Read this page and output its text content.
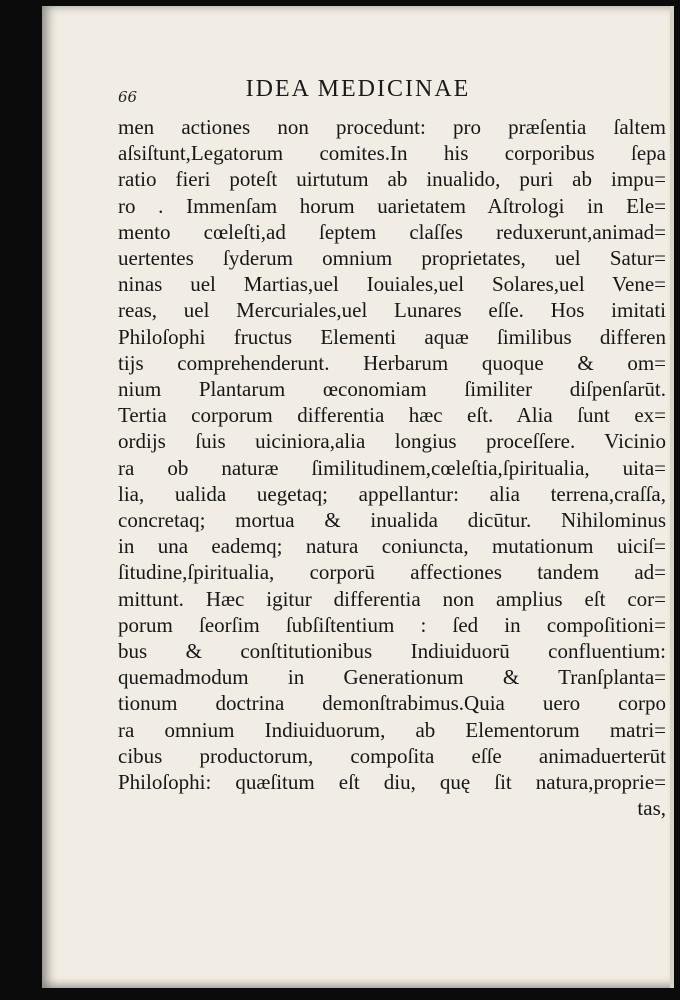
66	IDEA MEDICINAE
men actiones non procedunt: pro præſentia ſaltem
aſsiſtunt,Legatorum comites.In his corporibus ſepa
ratio fieri poteſt uirtutum ab inualido, puri ab impu=
ro . Immenſam horum uarietatem Aſtrologi in Ele=
mento cœleſti,ad ſeptem claſſes reduxerunt,animad=
uertentes ſyderum omnium proprietates, uel Satur=
ninas uel Martias,uel Iouiales,uel Solares,uel Vene=
reas, uel Mercuriales,uel Lunares eſſe. Hos imitati
Philoſophi fructus Elementi aquæ ſimilibus differen
tijs comprehenderunt. Herbarum quoque & om=
nium Plantarum œconomiam ſimiliter diſpenſarūt.
Tertia corporum differentia hæc eſt. Alia ſunt ex=
ordijs ſuis uiciniora,alia longius proceſſere. Vicinio
ra ob naturæ ſimilitudinem,cœleſtia,ſpiritualia, uita=
lia, ualida uegetaq; appellantur: alia terrena,craſſa,
concretaq; mortua & inualida dicūtur. Nihilominus
in una eademq; natura coniuncta, mutationum uiciſ=
ſitudine,ſpiritualia, corporū affectiones tandem ad=
mittunt. Hæc igitur differentia non amplius eſt cor=
porum ſeorſim ſubſiſtentium : ſed in compoſitioni=
bus & conſtitutionibus Indiuiduorū confluentium:
quemadmodum in Generationum & Tranſplanta=
tionum doctrina demonſtrabimus.Quia uero corpo
ra omnium Indiuiduorum, ab Elementorum matri=
cibus productorum, compoſita eſſe animaduerterūt
Philoſophi: quæſitum eſt diu, quę ſit natura,proprie=
tas,
